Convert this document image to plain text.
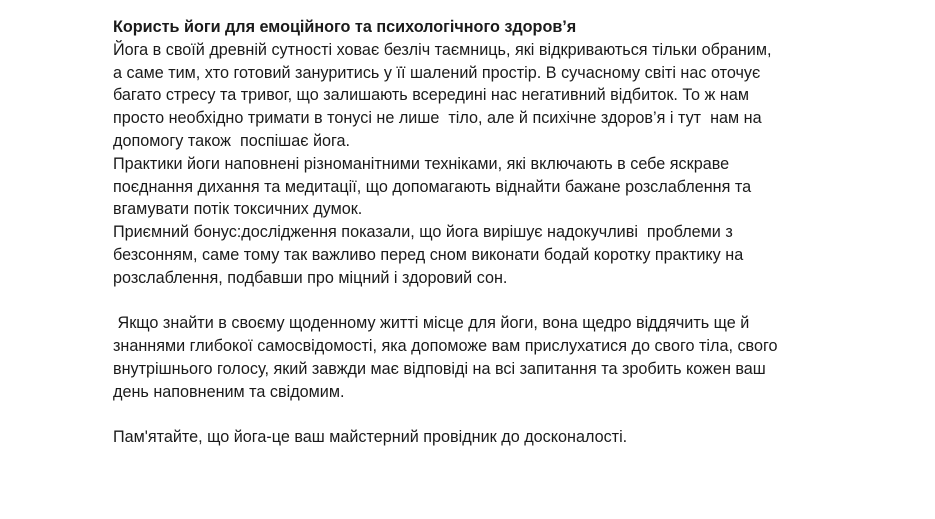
Користь йоги для емоційного та психологічного здоров’я
Йога в своїй древній сутності ховає безліч таємниць, які відкриваються тільки обраним,
а саме тим, хто готовий зануритись у її шалений простір. В сучасному світі нас оточує
багато стресу та тривог, що залишають всередині нас негативний відбиток. То ж нам
просто необхідно тримати в тонусі не лише  тіло, але й психічне здоров’я і тут  нам на
допомогу також  поспішає йога.
Практики йоги наповнені різноманітними техніками, які включають в себе яскраве
поєднання дихання та медитації, що допомагають віднайти бажане розслаблення та
вгамувати потік токсичних думок.
Приємний бонус:дослідження показали, що йога вирішує надокучливі  проблеми з
безсонням, саме тому так важливо перед сном виконати бодай коротку практику на
розслаблення, подбавши про міцний і здоровий сон.
Якщо знайти в своєму щоденному житті місце для йоги, вона щедро віддячить ще й
знаннями глибокої самосвідомості, яка допоможе вам прислухатися до свого тіла, свого
внутрішнього голосу, який завжди має відповіді на всі запитання та зробить кожен ваш
день наповненим та свідомим.
Пам'ятайте, що йога-це ваш майстерний провідник до досконалості.
